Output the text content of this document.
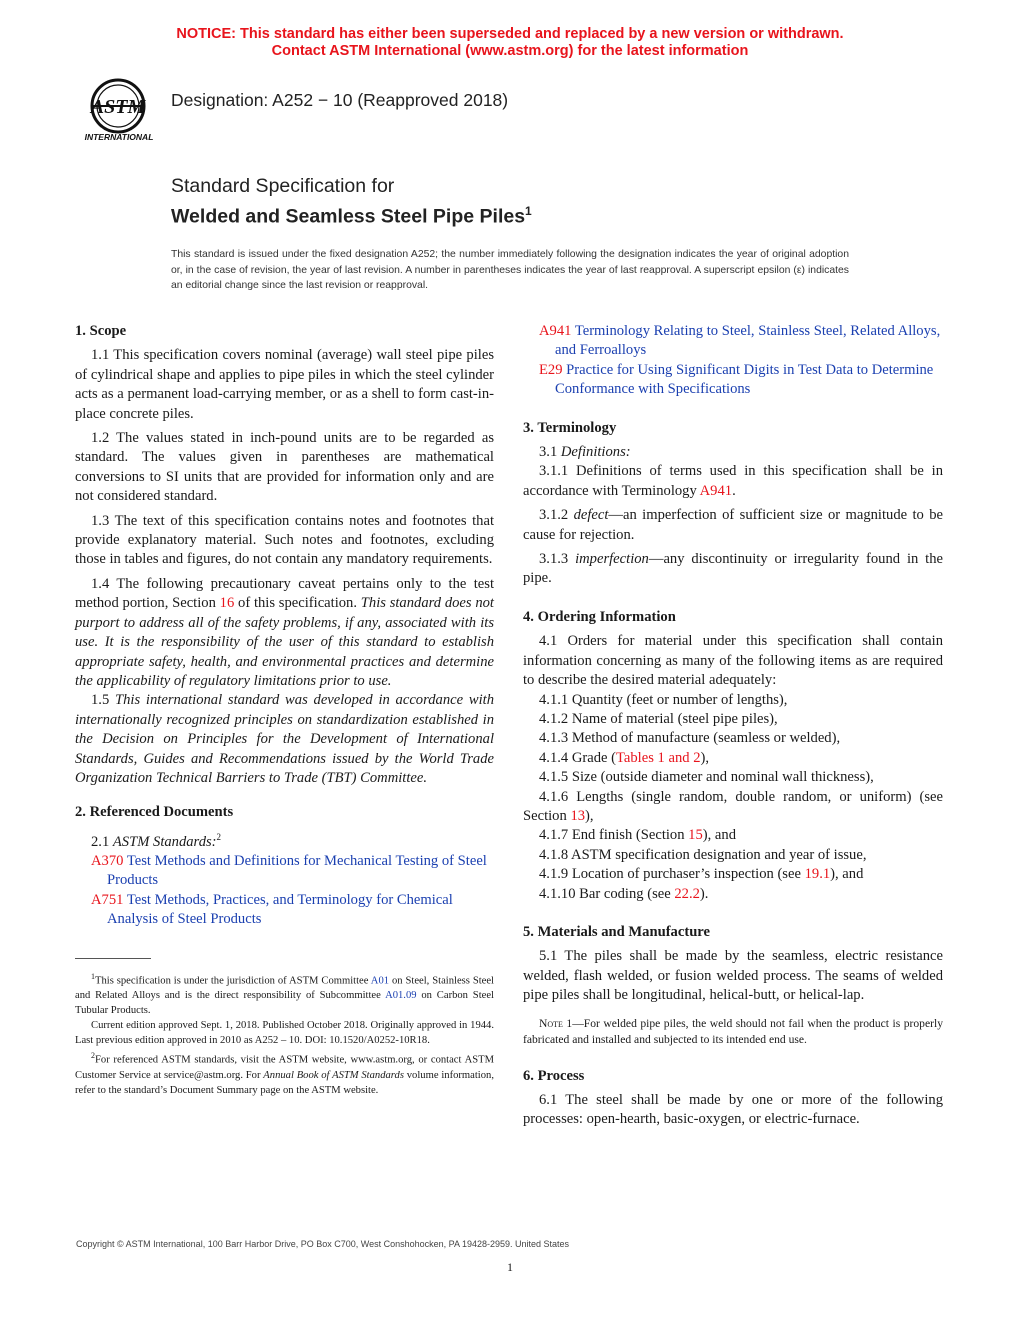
NOTICE: This standard has either been superseded and replaced by a new version or withdrawn.
Contact ASTM International (www.astm.org) for the latest information
ASTM
INTERNATIONAL
Designation: A252 − 10 (Reapproved 2018)
Standard Specification for
Welded and Seamless Steel Pipe Piles$^1$
This standard is issued under the fixed designation A252; the number immediately following the designation indicates the year of original adoption or, in the case of revision, the year of last revision. A number in parentheses indicates the year of last reapproval. A superscript epsilon (ε) indicates an editorial change since the last revision or reapproval.
1. Scope

1.1 This specification covers nominal (average) wall steel pipe piles of cylindrical shape and applies to pipe piles in which the steel cylinder acts as a permanent load-carrying member, or as a shell to form cast-in-place concrete piles.

1.2 The values stated in inch-pound units are to be regarded as standard. The values given in parentheses are mathematical conversions to SI units that are provided for information only and are not considered standard.

1.3 The text of this specification contains notes and footnotes that provide explanatory material. Such notes and footnotes, excluding those in tables and figures, do not contain any mandatory requirements.

1.4 The following precautionary caveat pertains only to the test method portion, Section 16 of this specification. This standard does not purport to address all of the safety problems, if any, associated with its use. It is the responsibility of the user of this standard to establish appropriate safety, health, and environmental practices and determine the applicability of regulatory limitations prior to use.

1.5 This international standard was developed in accordance with internationally recognized principles on standardization established in the Decision on Principles for the Development of International Standards, Guides and Recommendations issued by the World Trade Organization Technical Barriers to Trade (TBT) Committee.

2. Referenced Documents

2.1 ASTM Standards:$^2$

A370 Test Methods and Definitions for Mechanical Testing of Steel Products

A751 Test Methods, Practices, and Terminology for Chemical Analysis of Steel Products

$^1$This specification is under the jurisdiction of ASTM Committee A01 on Steel, Stainless Steel and Related Alloys and is the direct responsibility of Subcommittee A01.09 on Carbon Steel Tubular Products.

Current edition approved Sept. 1, 2018. Published October 2018. Originally approved in 1944. Last previous edition approved in 2010 as A252 – 10. DOI: 10.1520/A0252-10R18.

$^2$For referenced ASTM standards, visit the ASTM website, www.astm.org, or contact ASTM Customer Service at service@astm.org. For Annual Book of ASTM Standards volume information, refer to the standard’s Document Summary page on the ASTM website.

A941 Terminology Relating to Steel, Stainless Steel, Related Alloys, and Ferroalloys

E29 Practice for Using Significant Digits in Test Data to Determine Conformance with Specifications

3. Terminology

3.1 Definitions:

3.1.1 Definitions of terms used in this specification shall be in accordance with Terminology A941.

3.1.2 defect—an imperfection of sufficient size or magnitude to be cause for rejection.

3.1.3 imperfection—any discontinuity or irregularity found in the pipe.

4. Ordering Information

4.1 Orders for material under this specification shall contain information concerning as many of the following items as are required to describe the desired material adequately:

4.1.1 Quantity (feet or number of lengths),

4.1.2 Name of material (steel pipe piles),

4.1.3 Method of manufacture (seamless or welded),

4.1.4 Grade (Tables 1 and 2),

4.1.5 Size (outside diameter and nominal wall thickness),

4.1.6 Lengths (single random, double random, or uniform) (see Section 13),

4.1.7 End finish (Section 15), and

4.1.8 ASTM specification designation and year of issue,

4.1.9 Location of purchaser’s inspection (see 19.1), and

4.1.10 Bar coding (see 22.2).

5. Materials and Manufacture

5.1 The piles shall be made by the seamless, electric resistance welded, flash welded, or fusion welded process. The seams of welded pipe piles shall be longitudinal, helical-butt, or helical-lap.

Note 1—For welded pipe piles, the weld should not fail when the product is properly fabricated and installed and subjected to its intended end use.

6. Process

6.1 The steel shall be made by one or more of the following processes: open-hearth, basic-oxygen, or electric-furnace.

Copyright © ASTM International, 100 Barr Harbor Drive, PO Box C700, West Conshohocken, PA 19428-2959. United States
1
